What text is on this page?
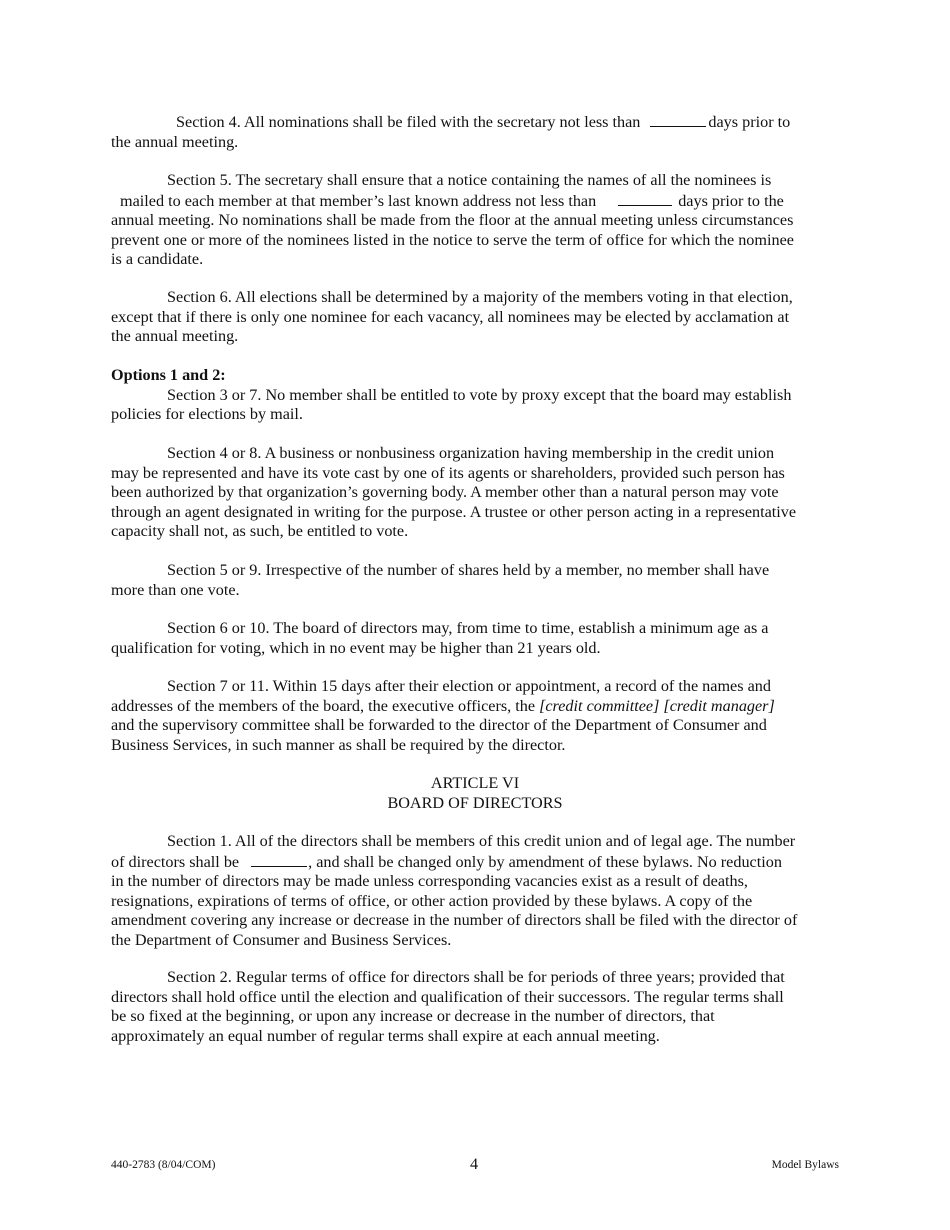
Section 4. All nominations shall be filed with the secretary not less than	days prior to
the annual meeting.

Section 5. The secretary shall ensure that a notice containing the names of all the nominees is
mailed to each member at that member’s last known address not less than	days prior to the
annual meeting. No nominations shall be made from the floor at the annual meeting unless circumstances
prevent one or more of the nominees listed in the notice to serve the term of office for which the nominee
is a candidate.

Section 6. All elections shall be determined by a majority of the members voting in that election,
except that if there is only one nominee for each vacancy, all nominees may be elected by acclamation at
the annual meeting.

Options 1 and 2:
Section 3 or 7. No member shall be entitled to vote by proxy except that the board may establish
policies for elections by mail.

Section 4 or 8. A business or nonbusiness organization having membership in the credit union
may be represented and have its vote cast by one of its agents or shareholders, provided such person has
been authorized by that organization’s governing body. A member other than a natural person may vote
through an agent designated in writing for the purpose. A trustee or other person acting in a representative
capacity shall not, as such, be entitled to vote.

Section 5 or 9. Irrespective of the number of shares held by a member, no member shall have
more than one vote.

Section 6 or 10. The board of directors may, from time to time, establish a minimum age as a
qualification for voting, which in no event may be higher than 21 years old.

Section 7 or 11. Within 15 days after their election or appointment, a record of the names and
addresses of the members of the board, the executive officers, the [credit committee] [credit manager]
and the supervisory committee shall be forwarded to the director of the Department of Consumer and
Business Services, in such manner as shall be required by the director.

ARTICLE VI
BOARD OF DIRECTORS

Section 1. All of the directors shall be members of this credit union and of legal age. The number
of directors shall be	, and shall be changed only by amendment of these bylaws. No reduction
in the number of directors may be made unless corresponding vacancies exist as a result of deaths,
resignations, expirations of terms of office, or other action provided by these bylaws. A copy of the
amendment covering any increase or decrease in the number of directors shall be filed with the director of
the Department of Consumer and Business Services.

Section 2. Regular terms of office for directors shall be for periods of three years; provided that
directors shall hold office until the election and qualification of their successors. The regular terms shall
be so fixed at the beginning, or upon any increase or decrease in the number of directors, that
approximately an equal number of regular terms shall expire at each annual meeting.

440-2783 (8/04/COM)	4	Model Bylaws
